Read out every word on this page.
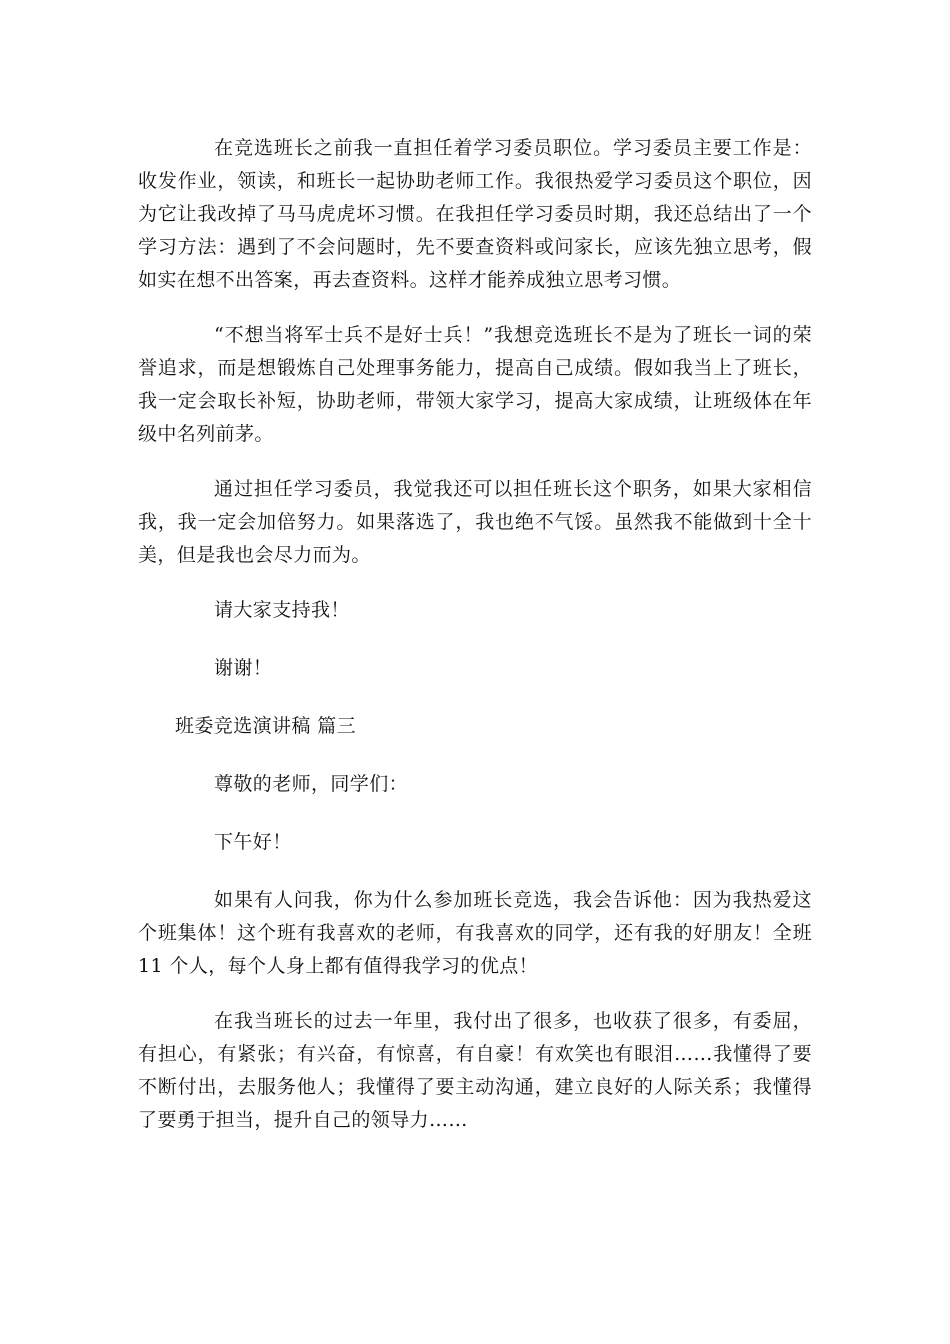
在竞选班长之前我一直担任着学习委员职位。学习委员主要工作是：收发作业，领读，和班长一起协助老师工作。我很热爱学习委员这个职位，因为它让我改掉了马马虎虎坏习惯。在我担任学习委员时期，我还总结出了一个学习方法：遇到了不会问题时，先不要查资料或问家长，应该先独立思考，假如实在想不出答案，再去查资料。这样才能养成独立思考习惯。

“不想当将军士兵不是好士兵！”我想竞选班长不是为了班长一词的荣誉追求，而是想锻炼自己处理事务能力，提高自己成绩。假如我当上了班长，我一定会取长补短，协助老师，带领大家学习，提高大家成绩，让班级体在年级中名列前茅。

通过担任学习委员，我觉我还可以担任班长这个职务，如果大家相信我，我一定会加倍努力。如果落选了，我也绝不气馁。虽然我不能做到十全十美，但是我也会尽力而为。

请大家支持我！

谢谢！

班委竞选演讲稿 篇三

尊敬的老师，同学们：

下午好！

如果有人问我，你为什么参加班长竞选，我会告诉他：因为我热爱这个班集体！这个班有我喜欢的老师，有我喜欢的同学，还有我的好朋友！全班 11 个人，每个人身上都有值得我学习的优点！

在我当班长的过去一年里，我付出了很多，也收获了很多，有委屈，有担心，有紧张；有兴奋，有惊喜，有自豪！有欢笑也有眼泪……我懂得了要不断付出，去服务他人；我懂得了要主动沟通，建立良好的人际关系；我懂得了要勇于担当，提升自己的领导力……
